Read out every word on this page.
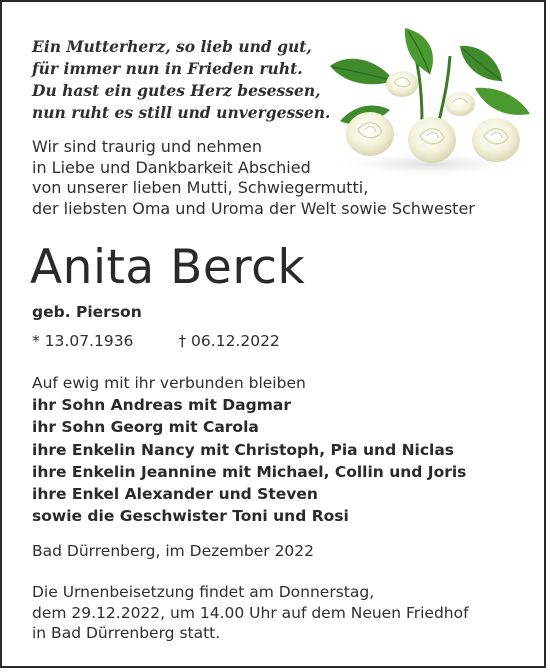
Ein Mutterherz, so lieb und gut,
für immer nun in Frieden ruht.
Du hast ein gutes Herz besessen,
nun ruht es still und unvergessen.
Wir sind traurig und nehmen
in Liebe und Dankbarkeit Abschied
von unserer lieben Mutti, Schwiegermutti,
der liebsten Oma und Uroma der Welt sowie Schwester
Anita Berck
geb. Pierson
* 13.07.1936	† 06.12.2022
Auf ewig mit ihr verbunden bleiben
ihr Sohn Andreas mit Dagmar
ihr Sohn Georg mit Carola
ihre Enkelin Nancy mit Christoph, Pia und Niclas
ihre Enkelin Jeannine mit Michael, Collin und Joris
ihre Enkel Alexander und Steven
sowie die Geschwister Toni und Rosi
Bad Dürrenberg, im Dezember 2022
Die Urnenbeisetzung findet am Donnerstag,
dem 29.12.2022, um 14.00 Uhr auf dem Neuen Friedhof
in Bad Dürrenberg statt.
